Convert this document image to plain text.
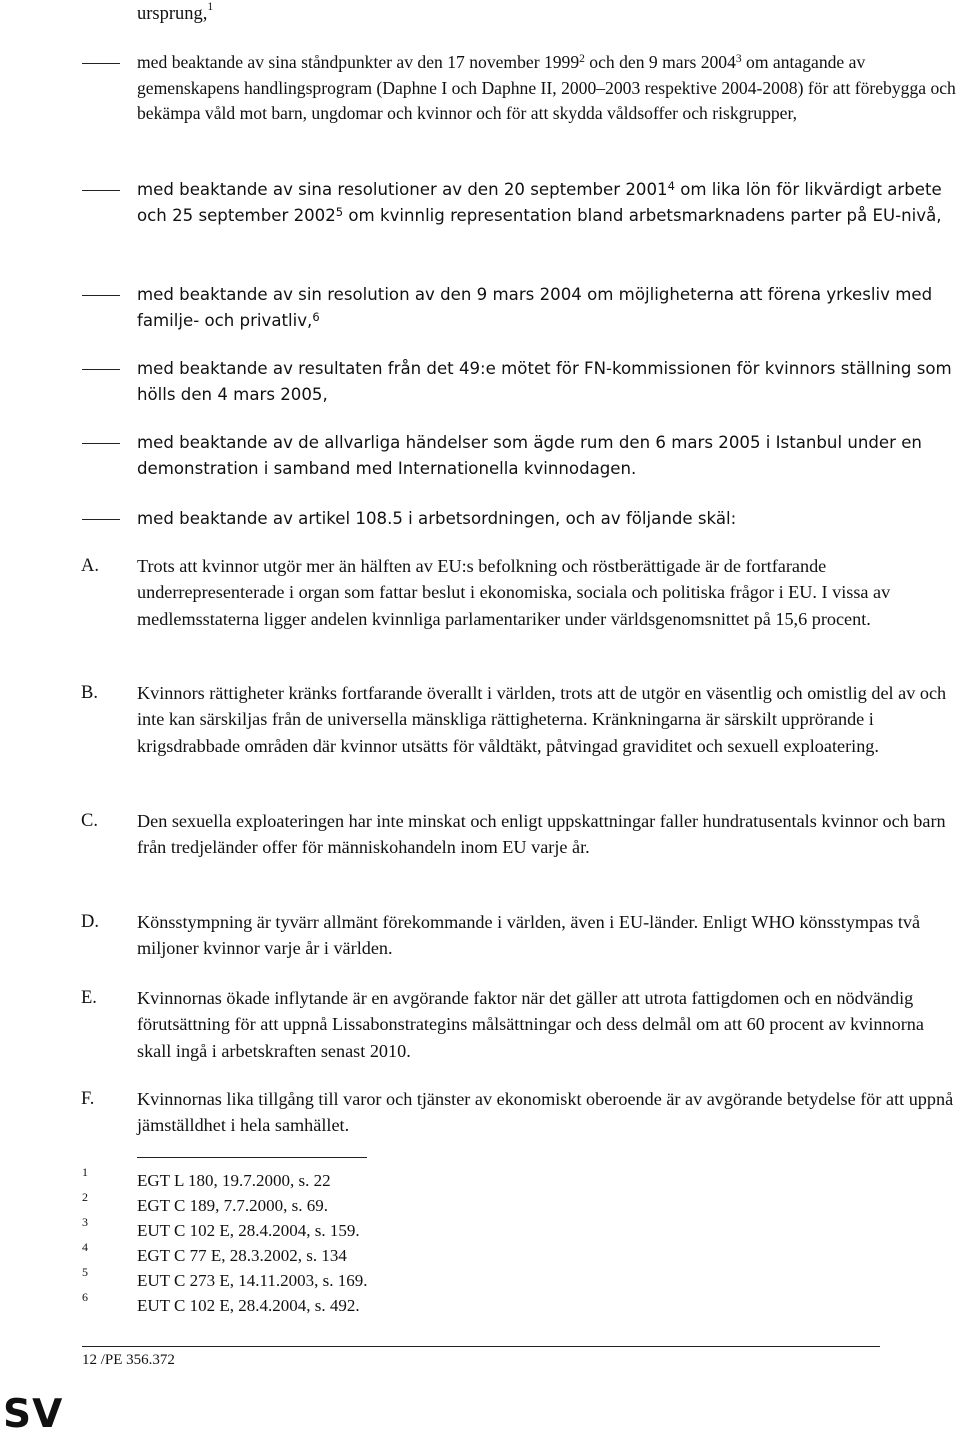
ursprung,$^1$
med beaktande av sina ståndpunkter av den 17 november 1999$^2$ och den 9 mars 2004$^3$ om antagande av gemenskapens handlingsprogram (Daphne I och Daphne II, 2000–2003 respektive 2004-2008) för att förebygga och bekämpa våld mot barn, ungdomar och kvinnor och för att skydda våldsoffer och riskgrupper,
med beaktande av sina resolutioner av den 20 september 2001$^4$ om lika lön för likvärdigt arbete och 25 september 2002$^5$ om kvinnlig representation bland arbetsmarknadens parter på EU-nivå,
med beaktande av sin resolution av den 9 mars 2004 om möjligheterna att förena yrkesliv med familje- och privatliv,$^6$
med beaktande av resultaten från det 49:e mötet för FN-kommissionen för kvinnors ställning som hölls den 4 mars 2005,
med beaktande av de allvarliga händelser som ägde rum den 6 mars 2005 i Istanbul under en demonstration i samband med Internationella kvinnodagen.
med beaktande av artikel 108.5 i arbetsordningen, och av följande skäl:
A. Trots att kvinnor utgör mer än hälften av EU:s befolkning och röstberättigade är de fortfarande underrepresenterade i organ som fattar beslut i ekonomiska, sociala och politiska frågor i EU. I vissa av medlemsstaterna ligger andelen kvinnliga parlamentariker under världsgenomsnittet på 15,6 procent.
B. Kvinnors rättigheter kränks fortfarande överallt i världen, trots att de utgör en väsentlig och omistlig del av och inte kan särskiljas från de universella mänskliga rättigheterna. Kränkningarna är särskilt upprörande i krigsdrabbade områden där kvinnor utsätts för våldtäkt, påtvingad graviditet och sexuell exploatering.
C. Den sexuella exploateringen har inte minskat och enligt uppskattningar faller hundratusentals kvinnor och barn från tredjeländer offer för människohandeln inom EU varje år.
D. Könsstympning är tyvärr allmänt förekommande i världen, även i EU-länder. Enligt WHO könsstympas två miljoner kvinnor varje år i världen.
E. Kvinnornas ökade inflytande är en avgörande faktor när det gäller att utrota fattigdomen och en nödvändig förutsättning för att uppnå Lissabonstrategins målsättningar och dess delmål om att 60 procent av kvinnorna skall ingå i arbetskraften senast 2010.
F. Kvinnornas lika tillgång till varor och tjänster av ekonomiskt oberoende är av avgörande betydelse för att uppnå jämställdhet i hela samhället.
1	EGT L 180, 19.7.2000, s. 22
2	EGT C 189, 7.7.2000, s. 69.
3	EUT C 102 E, 28.4.2004, s. 159.
4	EGT C 77 E, 28.3.2002, s. 134
5	EUT C 273 E, 14.11.2003, s. 169.
6	EUT C 102 E, 28.4.2004, s. 492.
12 /PE 356.372
SV
